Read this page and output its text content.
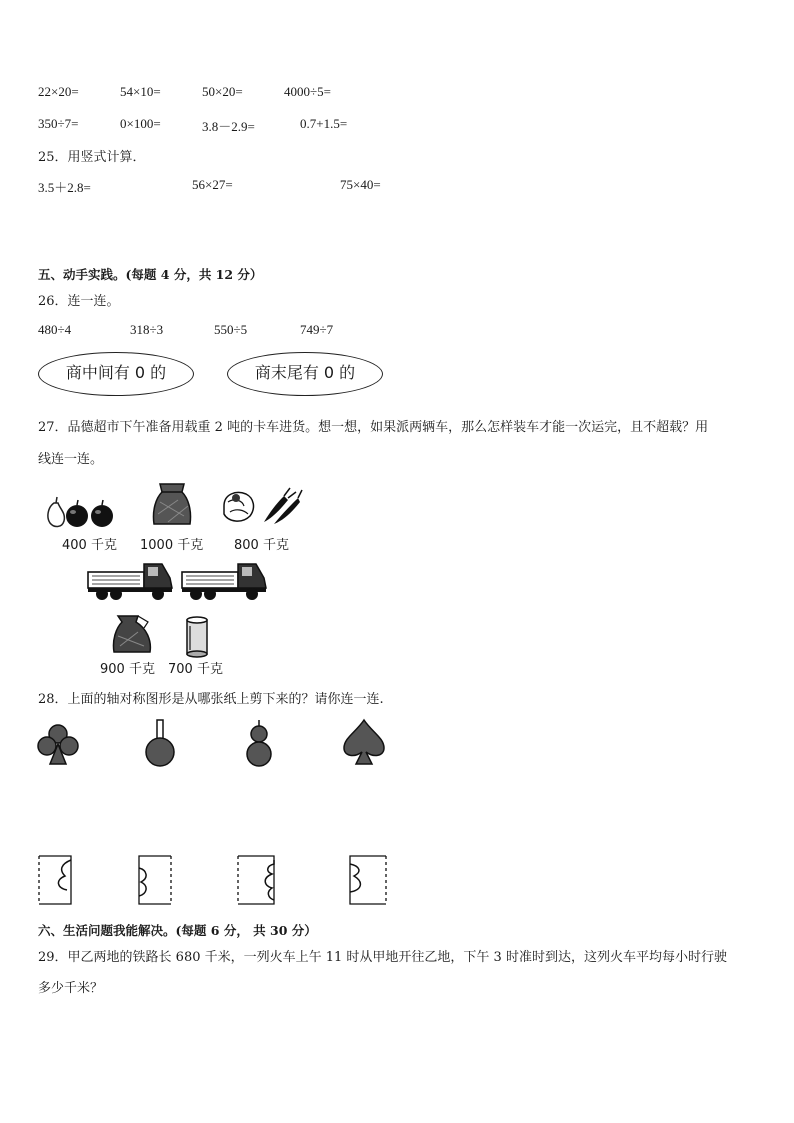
22×20=	54×10=	50×20=	4000÷5=
350÷7=	0×100=	3.8－2.9=	0.7+1.5=
25．用竖式计算．
3.5＋2.8=	56×27=	75×40=
五、动手实践。(每题 4 分，共 12 分）
26．连一连。
480÷4	318÷3	550÷5	749÷7
商中间有 0 的	商末尾有 0 的
27．品德超市下午准备用载重 2 吨的卡车进货。想一想，如果派两辆车，那么怎样装车才能一次运完，且不超载？用
线连一连。
400 千克 1000 千克 800 千克
900 千克 700 千克
28．上面的轴对称图形是从哪张纸上剪下来的？请你连一连.
六、生活问题我能解决。(每题 6 分， 共 30 分）
29．甲乙两地的铁路长 680 千米，一列火车上午 11 时从甲地开往乙地，下午 3 时准时到达，这列火车平均每小时行驶
多少千米？
